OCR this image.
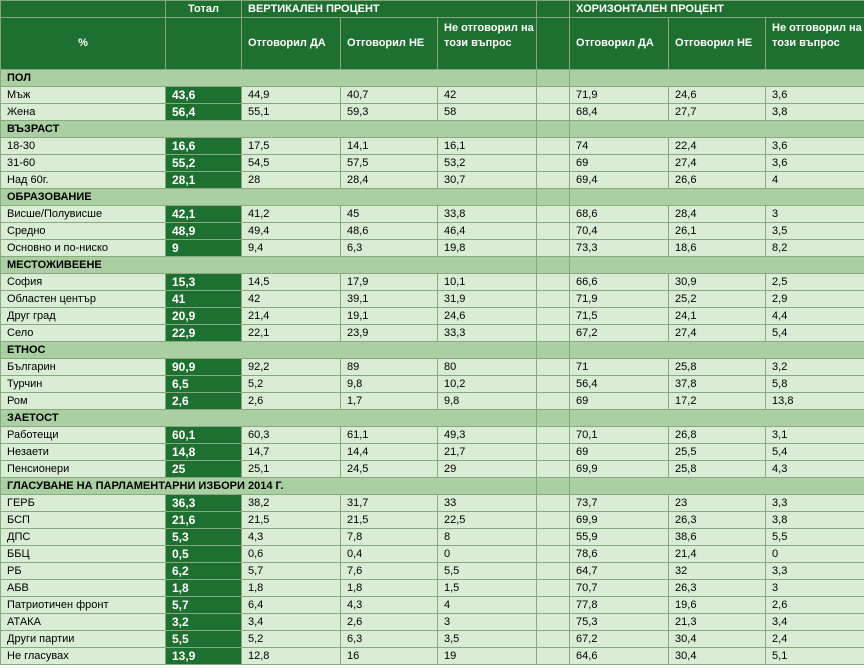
	Тотал	ВЕРТИКАЛЕН ПРОЦЕНТ				ХОРИЗОНТАЛЕН ПРОЦЕНТ		
%		Отговорил ДА	Отговорил НЕ	Не отговорил на този въпрос		Отговорил ДА	Отговорил НЕ	Не отговорил на този въпрос
ПОЛ								
Мъж	43,6	44,9	40,7	42		71,9	24,6	3,6
Жена	56,4	55,1	59,3	58		68,4	27,7	3,8
ВЪЗРАСТ								
18-30	16,6	17,5	14,1	16,1		74	22,4	3,6
31-60	55,2	54,5	57,5	53,2		69	27,4	3,6
Над 60г.	28,1	28	28,4	30,7		69,4	26,6	4
ОБРАЗОВАНИЕ								
Висше/Полувисше	42,1	41,2	45	33,8		68,6	28,4	3
Средно	48,9	49,4	48,6	46,4		70,4	26,1	3,5
Основно и по-ниско	9	9,4	6,3	19,8		73,3	18,6	8,2
МЕСТОЖИВЕЕНЕ								
София	15,3	14,5	17,9	10,1		66,6	30,9	2,5
Областен център	41	42	39,1	31,9		71,9	25,2	2,9
Друг град	20,9	21,4	19,1	24,6		71,5	24,1	4,4
Село	22,9	22,1	23,9	33,3		67,2	27,4	5,4
ЕТНОС								
Българин	90,9	92,2	89	80		71	25,8	3,2
Турчин	6,5	5,2	9,8	10,2		56,4	37,8	5,8
Ром	2,6	2,6	1,7	9,8		69	17,2	13,8
ЗАЕТОСТ								
Работещи	60,1	60,3	61,1	49,3		70,1	26,8	3,1
Незаети	14,8	14,7	14,4	21,7		69	25,5	5,4
Пенсионери	25	25,1	24,5	29		69,9	25,8	4,3
ГЛАСУВАНЕ НА ПАРЛАМЕНТАРНИ ИЗБОРИ 2014 Г.								
ГЕРБ	36,3	38,2	31,7	33		73,7	23	3,3
БСП	21,6	21,5	21,5	22,5		69,9	26,3	3,8
ДПС	5,3	4,3	7,8	8		55,9	38,6	5,5
ББЦ	0,5	0,6	0,4	0		78,6	21,4	0
РБ	6,2	5,7	7,6	5,5		64,7	32	3,3
АБВ	1,8	1,8	1,8	1,5		70,7	26,3	3
Патриотичен фронт	5,7	6,4	4,3	4		77,8	19,6	2,6
АТАКА	3,2	3,4	2,6	3		75,3	21,3	3,4
Други партии	5,5	5,2	6,3	3,5		67,2	30,4	2,4
Не гласувах	13,9	12,8	16	19		64,6	30,4	5,1
